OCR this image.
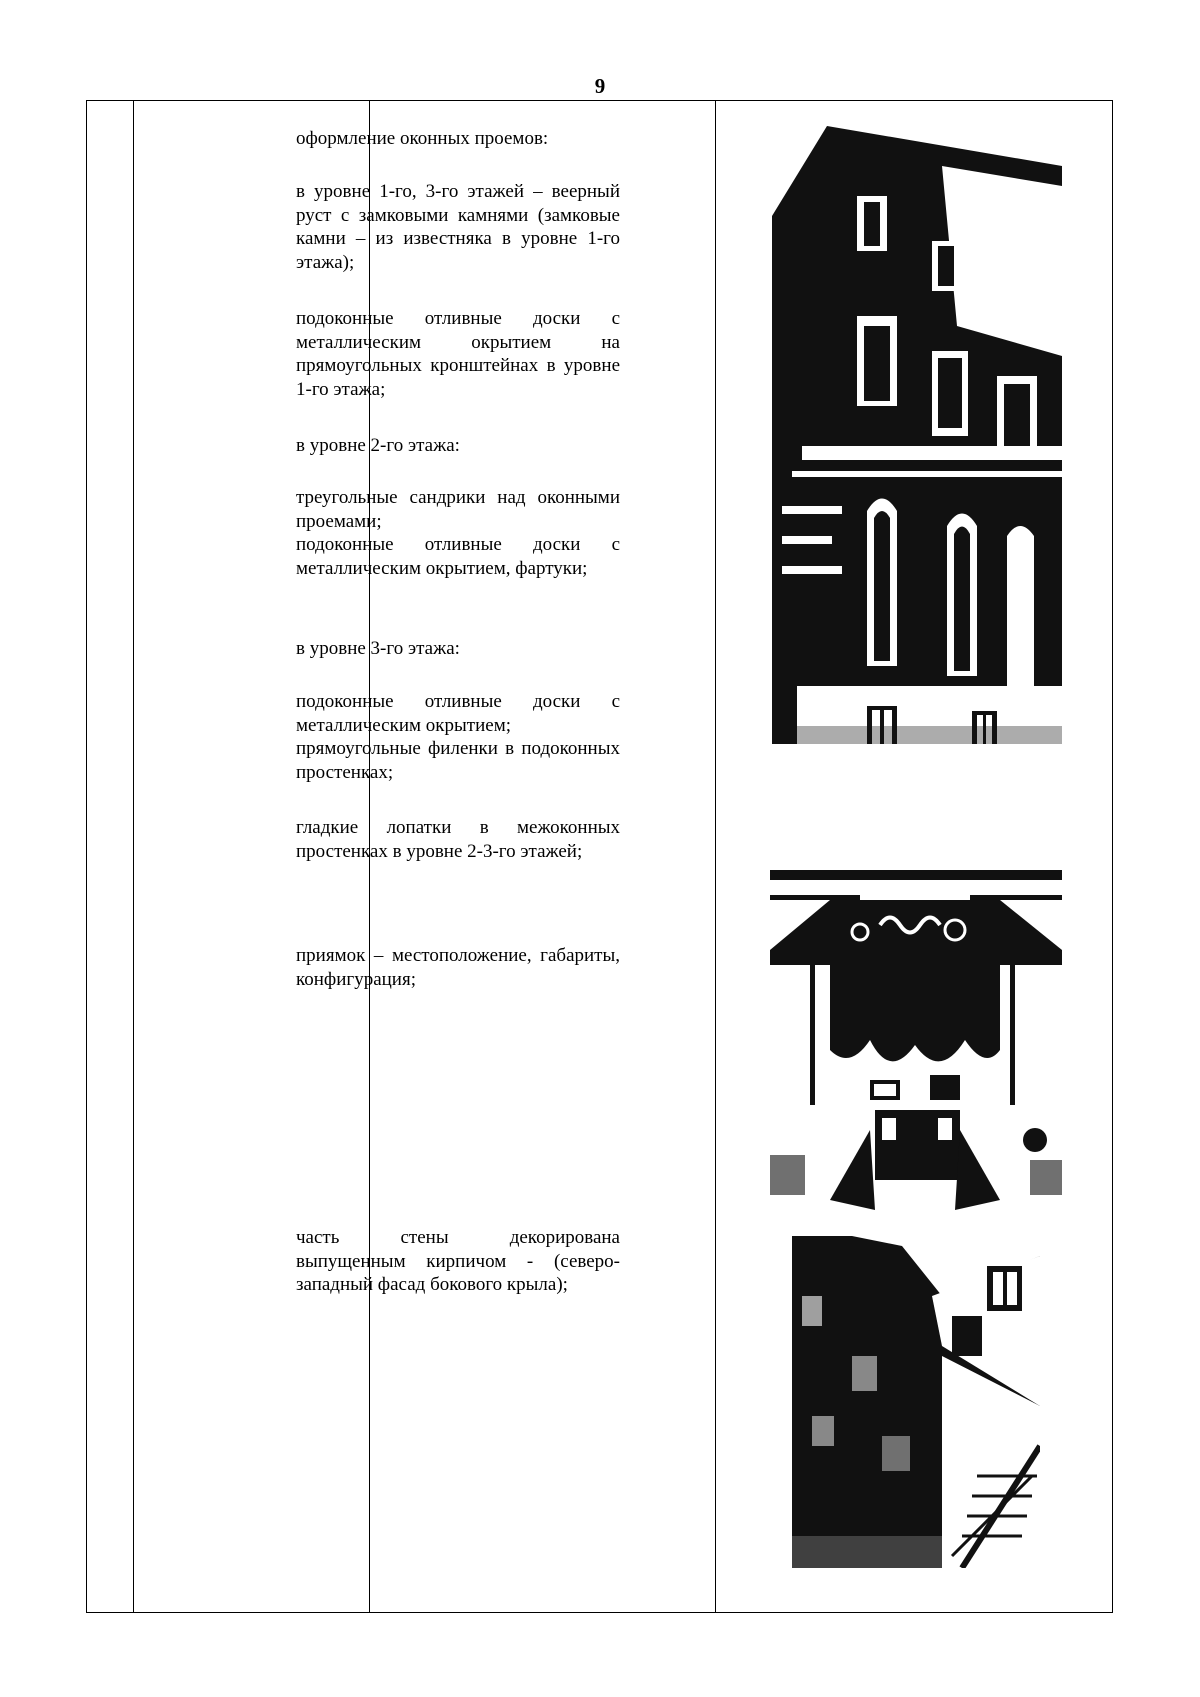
9

оформление оконных проемов:

в уровне 1-го, 3-го этажей – веерный руст с замковыми камнями (замковые камни – из известняка в уровне 1-го этажа);

подоконные отливные доски с металлическим окрытием на прямоугольных кронштейнах в уровне 1-го этажа;

в уровне 2-го этажа:

треугольные сандрики над оконными проемами;

подоконные отливные доски с металлическим окрытием, фартуки;

в уровне 3-го этажа:

подоконные отливные доски с металлическим окрытием;

прямоугольные филенки в подоконных простенках;

гладкие лопатки в межоконных простенках в уровне 2-3-го этажей;

приямок – местоположение, габариты, конфигурация;

часть стены декорирована выпущенным кирпичом - (северо-западный фасад бокового крыла);
